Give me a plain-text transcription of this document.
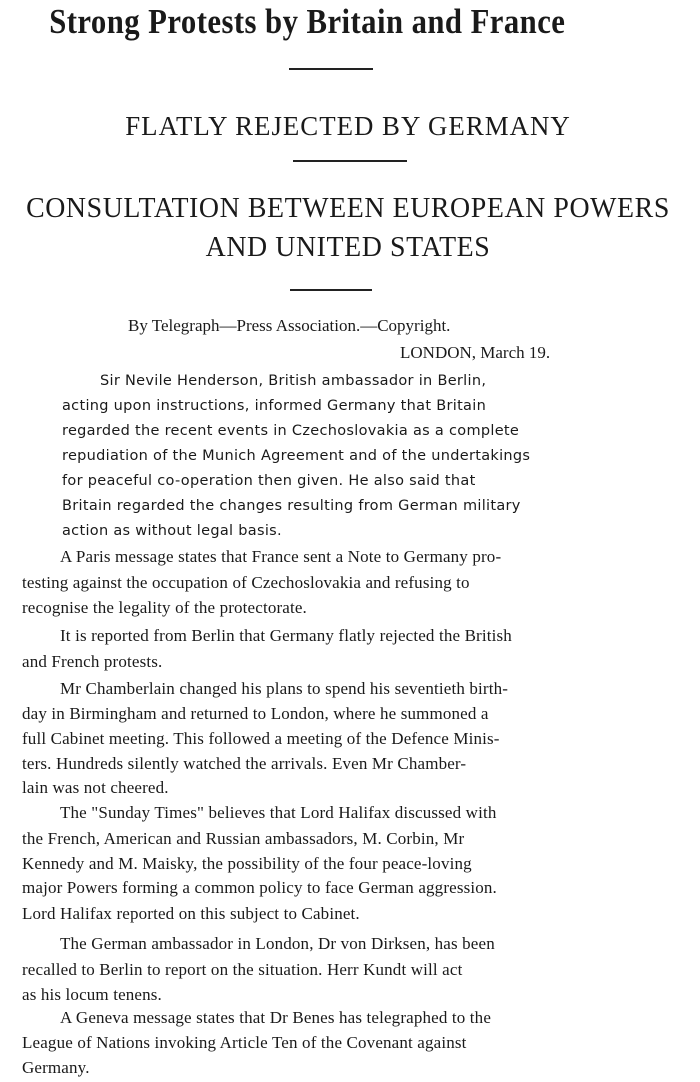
Strong Protests by Britain and France
FLATLY REJECTED BY GERMANY
CONSULTATION BETWEEN EUROPEAN POWERS
AND UNITED STATES
By Telegraph—Press Association.—Copyright.
LONDON, March 19.
Sir Nevile Henderson, British ambassador in Berlin,
acting upon instructions, informed Germany that Britain
regarded the recent events in Czechoslovakia as a complete
repudiation of the Munich Agreement and of the undertakings
for peaceful co-operation then given. He also said that
Britain regarded the changes resulting from German military
action as without legal basis.
A Paris message states that France sent a Note to Germany pro-
testing against the occupation of Czechoslovakia and refusing to
recognise the legality of the protectorate.
It is reported from Berlin that Germany flatly rejected the British
and French protests.
Mr Chamberlain changed his plans to spend his seventieth birth-
day in Birmingham and returned to London, where he summoned a
full Cabinet meeting. This followed a meeting of the Defence Minis-
ters. Hundreds silently watched the arrivals. Even Mr Chamber-
lain was not cheered.
The "Sunday Times" believes that Lord Halifax discussed with
the French, American and Russian ambassadors, M. Corbin, Mr
Kennedy and M. Maisky, the possibility of the four peace-loving
major Powers forming a common policy to face German aggression.
Lord Halifax reported on this subject to Cabinet.
The German ambassador in London, Dr von Dirksen, has been
recalled to Berlin to report on the situation. Herr Kundt will act
as his locum tenens.
A Geneva message states that Dr Benes has telegraphed to the
League of Nations invoking Article Ten of the Covenant against
Germany.
